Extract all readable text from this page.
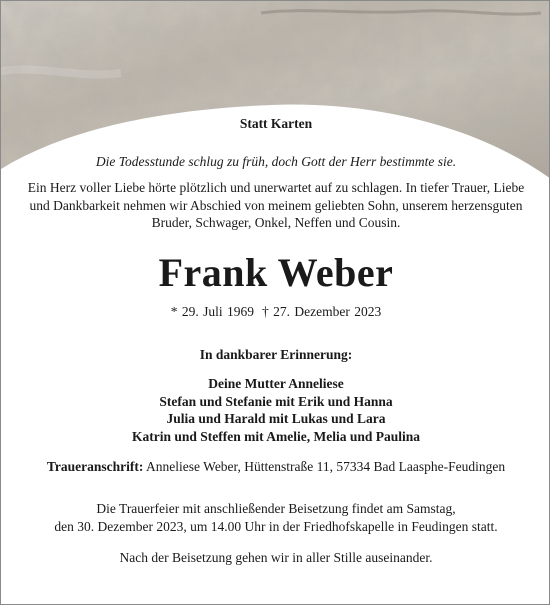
Statt Karten
Die Todesstunde schlug zu früh, doch Gott der Herr bestimmte sie.
Ein Herz voller Liebe hörte plötzlich und unerwartet auf zu schlagen. In tiefer Trauer, Liebe und Dankbarkeit nehmen wir Abschied von meinem geliebten Sohn, unserem herzensguten Bruder, Schwager, Onkel, Neffen und Cousin.
Frank Weber
* 29. Juli 1969 † 27. Dezember 2023
In dankbarer Erinnerung:
Deine Mutter Anneliese
Stefan und Stefanie mit Erik und Hanna
Julia und Harald mit Lukas und Lara
Katrin und Steffen mit Amelie, Melia und Paulina
Traueranschrift: Anneliese Weber, Hüttenstraße 11, 57334 Bad Laasphe-Feudingen
Die Trauerfeier mit anschließender Beisetzung findet am Samstag,
den 30. Dezember 2023, um 14.00 Uhr in der Friedhofskapelle in Feudingen statt.
Nach der Beisetzung gehen wir in aller Stille auseinander.
